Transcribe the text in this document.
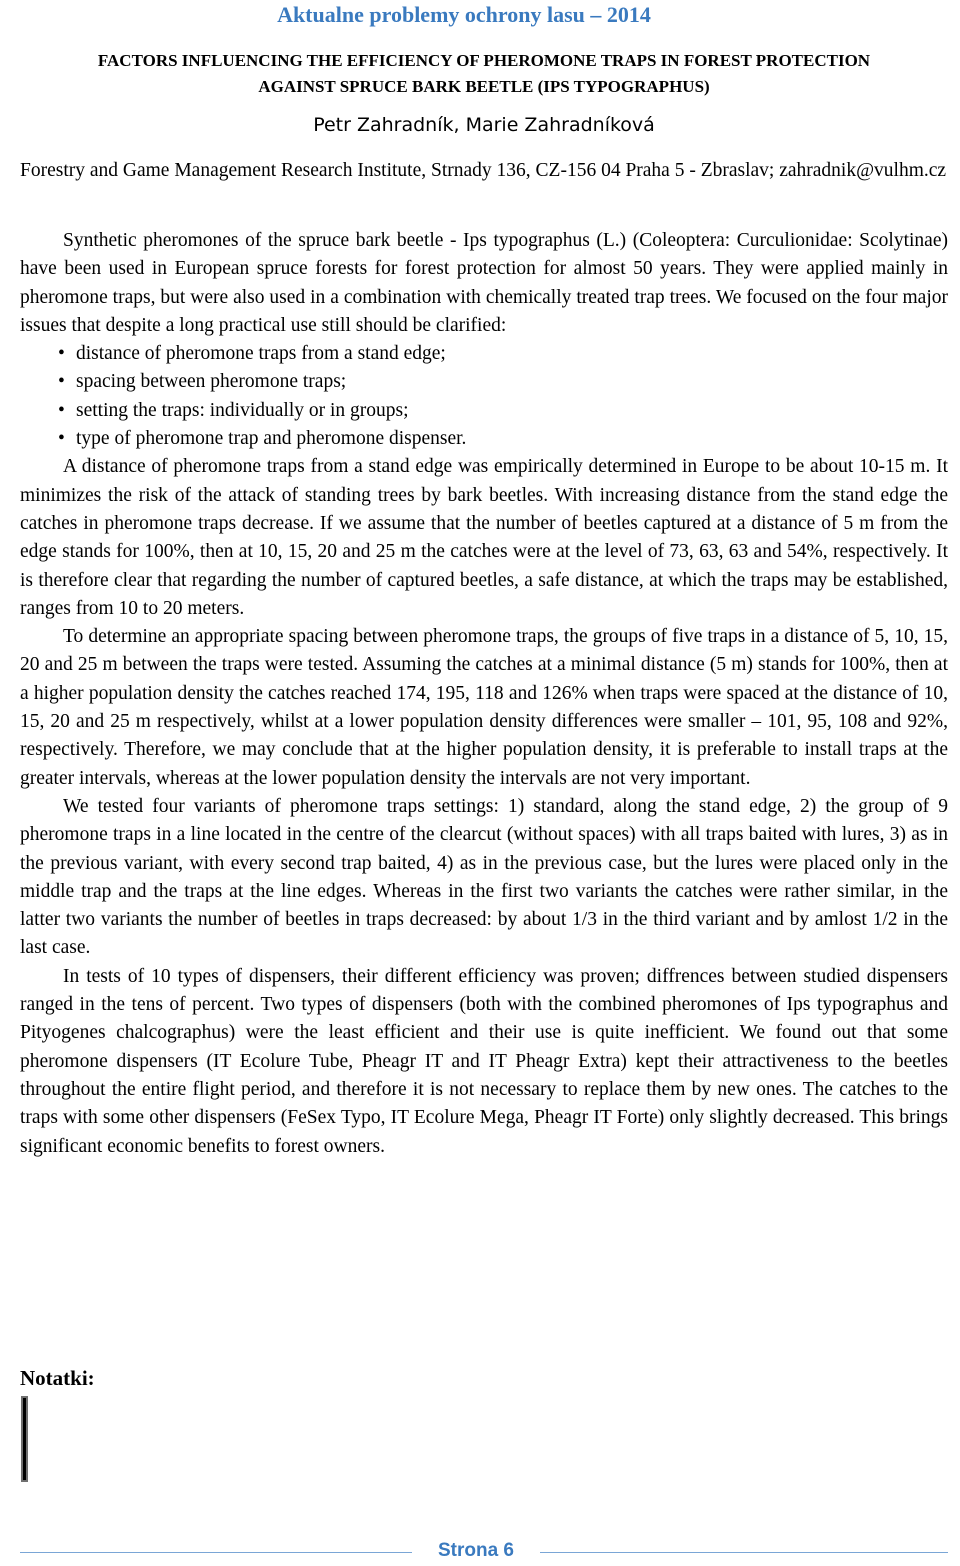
Aktualne problemy ochrony lasu – 2014
FACTORS INFLUENCING THE EFFICIENCY OF PHEROMONE TRAPS IN FOREST PROTECTION
AGAINST SPRUCE BARK BEETLE (IPS TYPOGRAPHUS)
Petr Zahradník, Marie Zahradníková
Forestry and Game Management Research Institute, Strnady 136, CZ-156 04 Praha 5 - Zbraslav; zahradnik@vulhm.cz

Synthetic pheromones of the spruce bark beetle - Ips typographus (L.) (Coleoptera: Curculionidae: Scolytinae) have been used in European spruce forests for forest protection for almost 50 years. They were applied mainly in pheromone traps, but were also used in a combination with chemically treated trap trees. We focused on the four major issues that despite a long practical use still should be clarified:

• distance of pheromone traps from a stand edge;
• spacing between pheromone traps;
• setting the traps: individually or in groups;
• type of pheromone trap and pheromone dispenser.

A distance of pheromone traps from a stand edge was empirically determined in Europe to be about 10-15 m. It minimizes the risk of the attack of standing trees by bark beetles. With increasing distance from the stand edge the catches in pheromone traps decrease. If we assume that the number of beetles captured at a distance of 5 m from the edge stands for 100%, then at 10, 15, 20 and 25 m the catches were at the level of 73, 63, 63 and 54%, respectively. It is therefore clear that regarding the number of captured beetles, a safe distance, at which the traps may be established, ranges from 10 to 20 meters.

To determine an appropriate spacing between pheromone traps, the groups of five traps in a distance of 5, 10, 15, 20 and 25 m between the traps were tested. Assuming the catches at a minimal distance (5 m) stands for 100%, then at a higher population density the catches reached 174, 195, 118 and 126% when traps were spaced at the distance of 10, 15, 20 and 25 m respectively, whilst at a lower population density differences were smaller – 101, 95, 108 and 92%, respectively. Therefore, we may conclude that at the higher population density, it is preferable to install traps at the greater intervals, whereas at the lower population density the intervals are not very important.

We tested four variants of pheromone traps settings: 1) standard, along the stand edge, 2) the group of 9 pheromone traps in a line located in the centre of the clearcut (without spaces) with all traps baited with lures, 3) as in the previous variant, with every second trap baited, 4) as in the previous case, but the lures were placed only in the middle trap and the traps at the line edges. Whereas in the first two variants the catches were rather similar, in the latter two variants the number of beetles in traps decreased: by about 1/3 in the third variant and by amlost 1/2 in the last case.

In tests of 10 types of dispensers, their different efficiency was proven; diffrences between studied dispensers ranged in the tens of percent. Two types of dispensers (both with the combined pheromones of Ips typographus and Pityogenes chalcographus) were the least efficient and their use is quite inefficient. We found out that some pheromone dispensers (IT Ecolure Tube, Pheagr IT and IT Pheagr Extra) kept their attractiveness to the beetles throughout the entire flight period, and therefore it is not necessary to replace them by new ones. The catches to the traps with some other dispensers (FeSex Typo, IT Ecolure Mega, Pheagr IT Forte) only slightly decreased. This brings significant economic benefits to forest owners.

Notatki:
Strona 6
